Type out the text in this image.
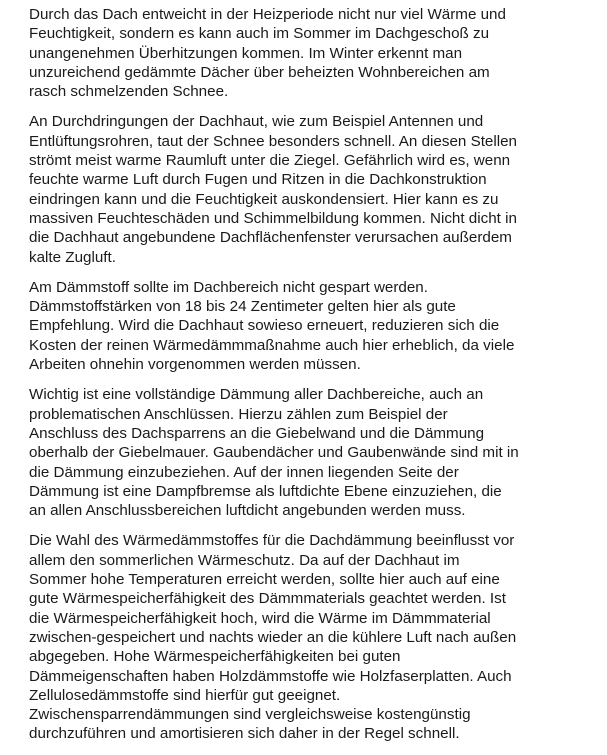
Durch das Dach entweicht in der Heizperiode nicht nur viel Wärme und
Feuchtigkeit, sondern es kann auch im Sommer im Dachgeschoß zu
unangenehmen Überhitzungen kommen. Im Winter erkennt man
unzureichend gedämmte Dächer über beheizten Wohnbereichen am
rasch schmelzenden Schnee.

An Durchdringungen der Dachhaut, wie zum Beispiel Antennen und
Entlüftungsrohren, taut der Schnee besonders schnell. An diesen Stellen
strömt meist warme Raumluft unter die Ziegel. Gefährlich wird es, wenn
feuchte warme Luft durch Fugen und Ritzen in die Dachkonstruktion
eindringen kann und die Feuchtigkeit auskondensiert. Hier kann es zu
massiven Feuchteschäden und Schimmelbildung kommen. Nicht dicht in
die Dachhaut angebundene Dachflächenfenster verursachen außerdem
kalte Zugluft.

Am Dämmstoff sollte im Dachbereich nicht gespart werden.
Dämmstoffstärken von 18 bis 24 Zentimeter gelten hier als gute
Empfehlung. Wird die Dachhaut sowieso erneuert, reduzieren sich die
Kosten der reinen Wärmedämmmaßnahme auch hier erheblich, da viele
Arbeiten ohnehin vorgenommen werden müssen.

Wichtig ist eine vollständige Dämmung aller Dachbereiche, auch an
problematischen Anschlüssen. Hierzu zählen zum Beispiel der
Anschluss des Dachsparrens an die Giebelwand und die Dämmung
oberhalb der Giebelmauer. Gaubendächer und Gaubenwände sind mit in
die Dämmung einzubeziehen. Auf der innen liegenden Seite der
Dämmung ist eine Dampfbremse als luftdichte Ebene einzuziehen, die
an allen Anschlussbereichen luftdicht angebunden werden muss.

Die Wahl des Wärmedämmstoffes für die Dachdämmung beeinflusst vor
allem den sommerlichen Wärmeschutz. Da auf der Dachhaut im
Sommer hohe Temperaturen erreicht werden, sollte hier auch auf eine
gute Wärmespeicherfähigkeit des Dämmmaterials geachtet werden. Ist
die Wärmespeicherfähigkeit hoch, wird die Wärme im Dämmmaterial
zwischen-gespeichert und nachts wieder an die kühlere Luft nach außen
abgegeben. Hohe Wärmespeicherfähigkeiten bei guten
Dämmeigenschaften haben Holzdämmstoffe wie Holzfaserplatten. Auch
Zellulosedämmstoffe sind hierfür gut geeignet.
Zwischensparrendämmungen sind vergleichsweise kostengünstig
durchzuführen und amortisieren sich daher in der Regel schnell.
